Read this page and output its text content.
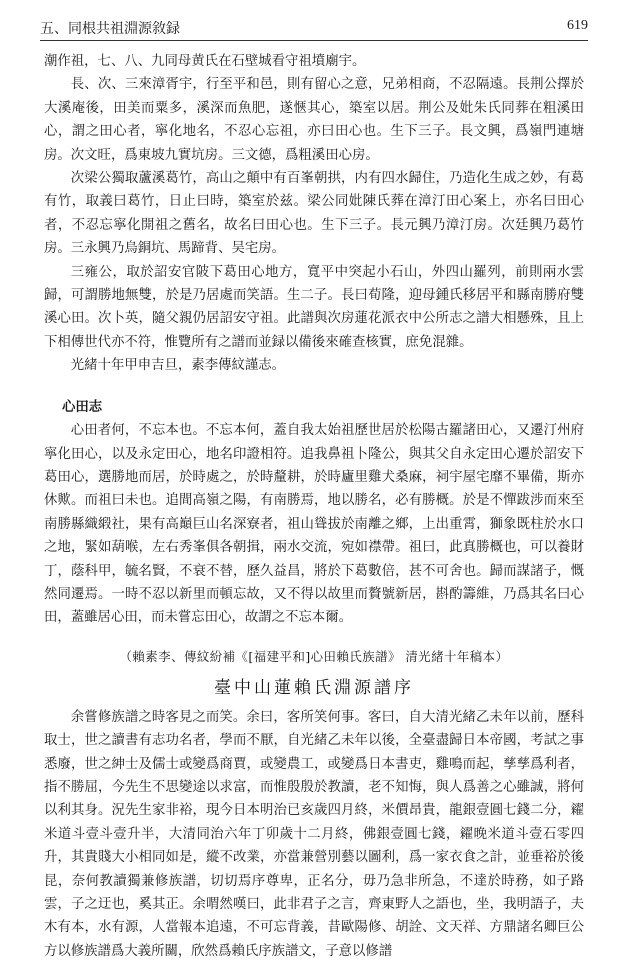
五、同根共祖淵源敘録	619

潮作祖，七、八、九同母黄氏在石壁城看守祖墳廟宇。

長、次、三來漳胥宇，行至平和邑，則有留心之意，兄弟相商，不忍隔遠。長荆公擇於大溪庵後，田美而粟多，溪深而魚肥，遂愜其心，築室以居。荆公及妣朱氏同葬在粗溪田心，謂之田心者，寧化地名，不忍心忘祖，亦曰田心也。生下三子。長文興，爲嶺門連塘房。次文旺，爲東坡九實坑房。三文德，爲粗溪田心房。

次梁公獨取蘆溪葛竹，高山之顛中有百峯朝拱，内有四水歸住，乃造化生成之妙，有葛有竹，取義曰葛竹，日止曰時，築室於兹。梁公同妣陳氏葬在漳汀田心案上，亦名曰田心者，不忍忘寧化開祖之舊名，故名曰田心也。生下三子。長元興乃漳汀房。次廷興乃葛竹房。三永興乃烏銅坑、馬蹄背、吴宅房。

三雍公，取於詔安官陂下葛田心地方，寬平中突起小石山，外四山羅列，前則兩水雲歸，可謂勝地無雙，於是乃居處而笑語。生二子。長曰荀隆，迎母鍾氏移居平和縣南勝府雙溪心田。次卜英，隨父親仍居詔安守祖。此譜與次房蓮花派衣中公所志之譜大相懸殊，且上下相傳世代亦不符，惟覽所有之譜而並録以備後來確查核實，庶免混雜。

光緒十年甲申吉旦，素李傳紋謹志。

心田志

心田者何，不忘本也。不忘本何，蓋自我太始祖歷世居於松陽古羅諸田心，又遷汀州府寧化田心，以及永定田心，地名印證相符。追我鼻祖卜隆公，與其父自永定田心遷於詔安下葛田心，選勝地而居，於時處之，於時釐耕，於時廬里雞犬桑麻，祠宇屋宅靡不畢備，斯亦休歟。而祖曰未也。追間高嶺之陽，有南勝焉，地以勝名，必有勝概。於是不憚跋涉而來至南勝縣織緞社，果有高巔巨山名深寮者，祖山聳拔於南離之鄉，上出重霄，獅象既柱於水口之地，緊如葫喉，左右秀峯俱各朝揖，兩水交流，宛如襟帶。祖曰，此真勝概也，可以養財丁，蔭科甲，毓名賢，不衰不替，歷久益昌，將於下葛數倍，甚不可舍也。歸而謀諸子，慨然同遷焉。一時不忍以新里而頓忘故，又不得以故里而贅號新居，斟酌籌維，乃爲其名曰心田，蓋雖居心田，而未嘗忘田心，故謂之不忘本爾。

（賴素李、傳紋紛補《[福建平和]心田賴氏族譜》 清光緒十年稿本）
臺中山蓮賴氏淵源譜序

余嘗修族譜之時客見之而笑。余曰，客所笑何事。客曰，自大清光緒乙未年以前，歷科取士，世之讀書有志功名者，學而不厭，自光緒乙未年以後，全臺盡歸日本帝國，考試之事悉廢，世之紳士及儒士或變爲商賈，或變農工，或變爲日本書吏，雞鳴而起，孳孳爲利者，指不勝屈，今先生不思變途以求富，而惟殷殷於教讀，老不知悔，與人爲善之心雖誠，將何以利其身。況先生家非裕，現今日本明治已亥歲四月終，米價昂貴，龍銀壹圓七錢二分，糴米道斗壹斗壹升半，大清同治六年丁卯歲十二月終，佛銀壹圓七錢，糴晚米道斗壹石零四升，其貴賤大小相同如是，縱不改業，亦當兼營別藝以圖利，爲一家衣食之計，並垂裕於後昆，奈何教讀獨兼修族譜，切切焉序尊卑，正名分，毋乃急非所急，不達於時務，如子路雲，子之迂也，奚其正。余喟然嘆曰，此非君子之言，齊東野人之語也，坐，我明語子，夫木有本，水有源，人當報本追遠，不可忘背義，昔歐陽修、胡詮、文天祥、方鼎諸名卿巨公方以修族譜爲大義所關，欣然爲賴氏序族譜文，子意以修譜
